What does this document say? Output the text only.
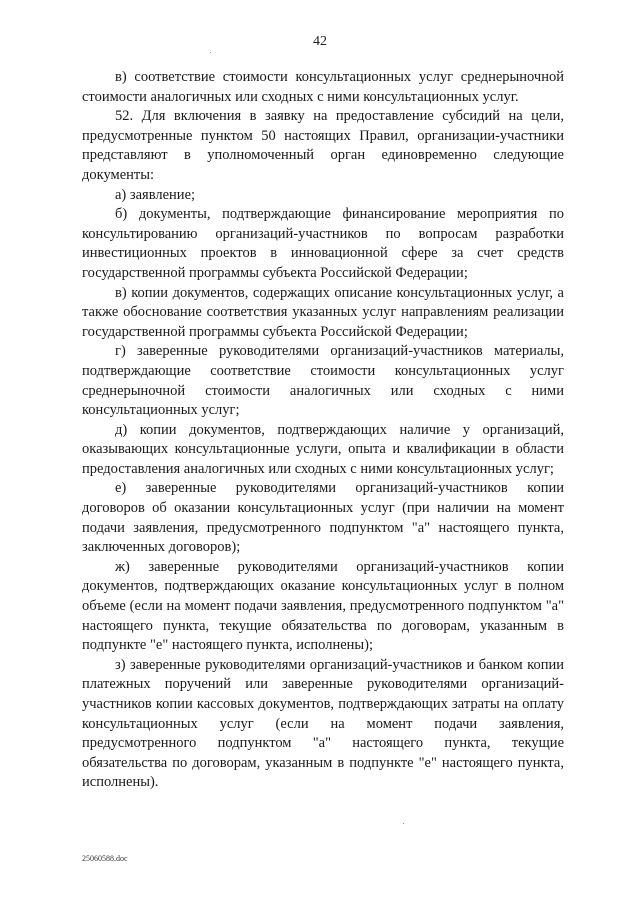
42

в) соответствие стоимости консультационных услуг среднерыночной стоимости аналогичных или сходных с ними консультационных услуг.

52. Для включения в заявку на предоставление субсидий на цели, предусмотренные пунктом 50 настоящих Правил, организации-участники представляют в уполномоченный орган единовременно следующие документы:

а) заявление;

б) документы, подтверждающие финансирование мероприятия по консультированию организаций-участников по вопросам разработки инвестиционных проектов в инновационной сфере за счет средств государственной программы субъекта Российской Федерации;

в) копии документов, содержащих описание консультационных услуг, а также обоснование соответствия указанных услуг направлениям реализации государственной программы субъекта Российской Федерации;

г) заверенные руководителями организаций-участников материалы, подтверждающие соответствие стоимости консультационных услуг среднерыночной стоимости аналогичных или сходных с ними консультационных услуг;

д) копии документов, подтверждающих наличие у организаций, оказывающих консультационные услуги, опыта и квалификации в области предоставления аналогичных или сходных с ними консультационных услуг;

е) заверенные руководителями организаций-участников копии договоров об оказании консультационных услуг (при наличии на момент подачи заявления, предусмотренного подпунктом "а" настоящего пункта, заключенных договоров);

ж) заверенные руководителями организаций-участников копии документов, подтверждающих оказание консультационных услуг в полном объеме (если на момент подачи заявления, предусмотренного подпунктом "а" настоящего пункта, текущие обязательства по договорам, указанным в подпункте "е" настоящего пункта, исполнены);

з) заверенные руководителями организаций-участников и банком копии платежных поручений или заверенные руководителями организаций-участников копии кассовых документов, подтверждающих затраты на оплату консультационных услуг (если на момент подачи заявления, предусмотренного подпунктом "а" настоящего пункта, текущие обязательства по договорам, указанным в подпункте "е" настоящего пункта, исполнены).

25060588.doc
